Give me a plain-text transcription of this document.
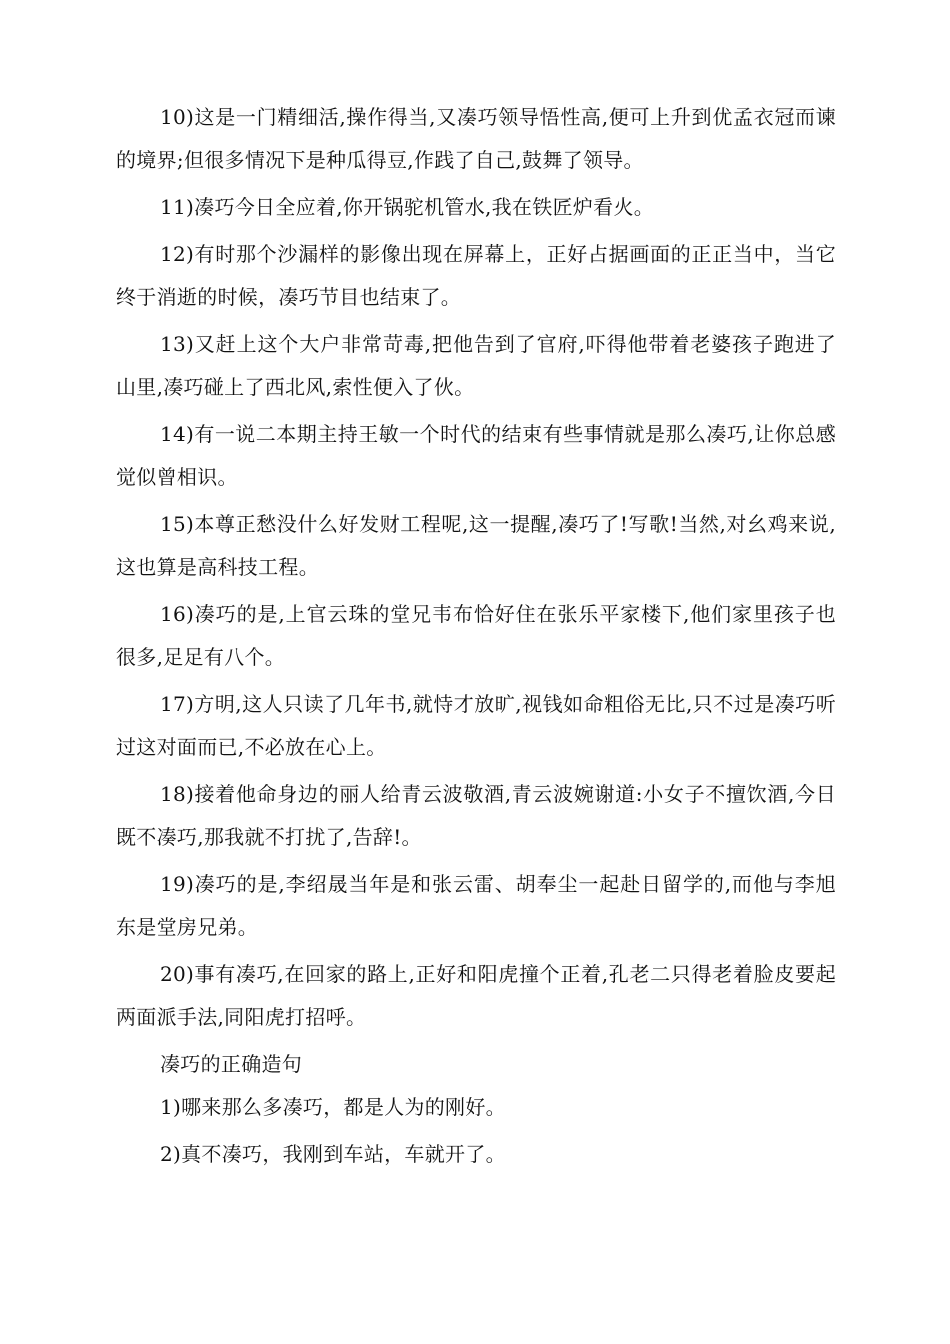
10)这是一门精细活,操作得当,又凑巧领导悟性高,便可上升到优孟衣冠而谏的境界;但很多情况下是种瓜得豆,作践了自己,鼓舞了领导。

11)凑巧今日全应着,你开锅驼机管水,我在铁匠炉看火。

12)有时那个沙漏样的影像出现在屏幕上，正好占据画面的正正当中，当它终于消逝的时候，凑巧节目也结束了。

13)又赶上这个大户非常苛毒,把他告到了官府,吓得他带着老婆孩子跑进了山里,凑巧碰上了西北风,索性便入了伙。

14)有一说二本期主持王敏一个时代的结束有些事情就是那么凑巧,让你总感觉似曾相识。

15)本尊正愁没什么好发财工程呢,这一提醒,凑巧了!写歌!当然,对幺鸡来说,这也算是高科技工程。

16)凑巧的是,上官云珠的堂兄韦布恰好住在张乐平家楼下,他们家里孩子也很多,足足有八个。

17)方明,这人只读了几年书,就恃才放旷,视钱如命粗俗无比,只不过是凑巧听过这对面而已,不必放在心上。

18)接着他命身边的丽人给青云波敬酒,青云波婉谢道:小女子不擅饮酒,今日既不凑巧,那我就不打扰了,告辞!。

19)凑巧的是,李绍晟当年是和张云雷、胡奉尘一起赴日留学的,而他与李旭东是堂房兄弟。

20)事有凑巧,在回家的路上,正好和阳虎撞个正着,孔老二只得老着脸皮要起两面派手法,同阳虎打招呼。

凑巧的正确造句

1)哪来那么多凑巧，都是人为的刚好。

2)真不凑巧，我刚到车站，车就开了。
